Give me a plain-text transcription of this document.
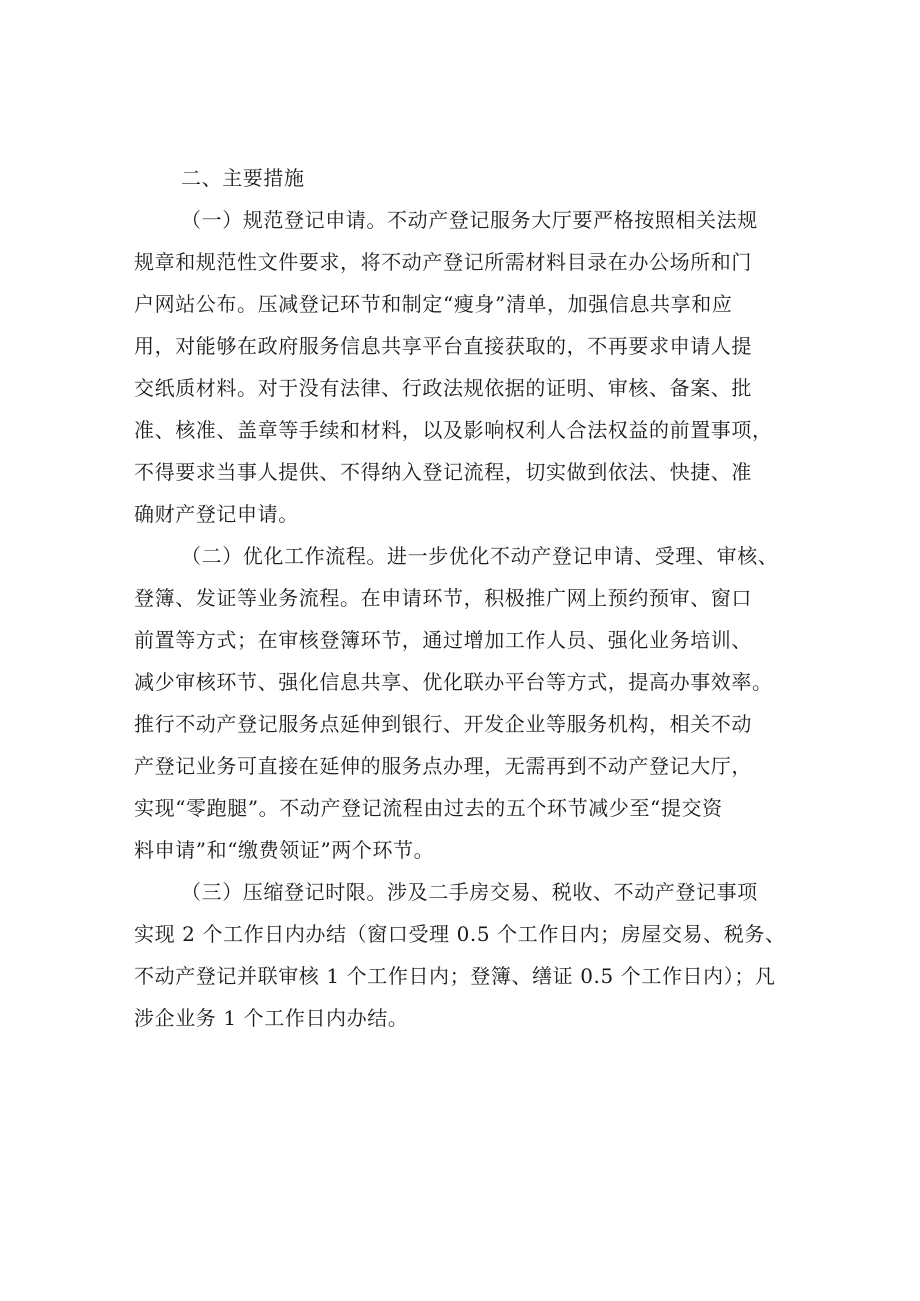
二、主要措施
（一）规范登记申请。不动产登记服务大厅要严格按照相关法规
规章和规范性文件要求，将不动产登记所需材料目录在办公场所和门
户网站公布。压减登记环节和制定“瘦身”清单，加强信息共享和应
用，对能够在政府服务信息共享平台直接获取的，不再要求申请人提
交纸质材料。对于没有法律、行政法规依据的证明、审核、备案、批
准、核准、盖章等手续和材料，以及影响权利人合法权益的前置事项，
不得要求当事人提供、不得纳入登记流程，切实做到依法、快捷、准
确财产登记申请。
（二）优化工作流程。进一步优化不动产登记申请、受理、审核、
登簿、发证等业务流程。在申请环节，积极推广网上预约预审、窗口
前置等方式；在审核登簿环节，通过增加工作人员、强化业务培训、
减少审核环节、强化信息共享、优化联办平台等方式，提高办事效率。
推行不动产登记服务点延伸到银行、开发企业等服务机构，相关不动
产登记业务可直接在延伸的服务点办理，无需再到不动产登记大厅，
实现“零跑腿”。不动产登记流程由过去的五个环节减少至“提交资
料申请”和“缴费领证”两个环节。
（三）压缩登记时限。涉及二手房交易、税收、不动产登记事项
实现 2 个工作日内办结（窗口受理 0.5 个工作日内；房屋交易、税务、
不动产登记并联审核 1 个工作日内；登簿、缮证 0.5 个工作日内）；凡
涉企业务 1 个工作日内办结。
